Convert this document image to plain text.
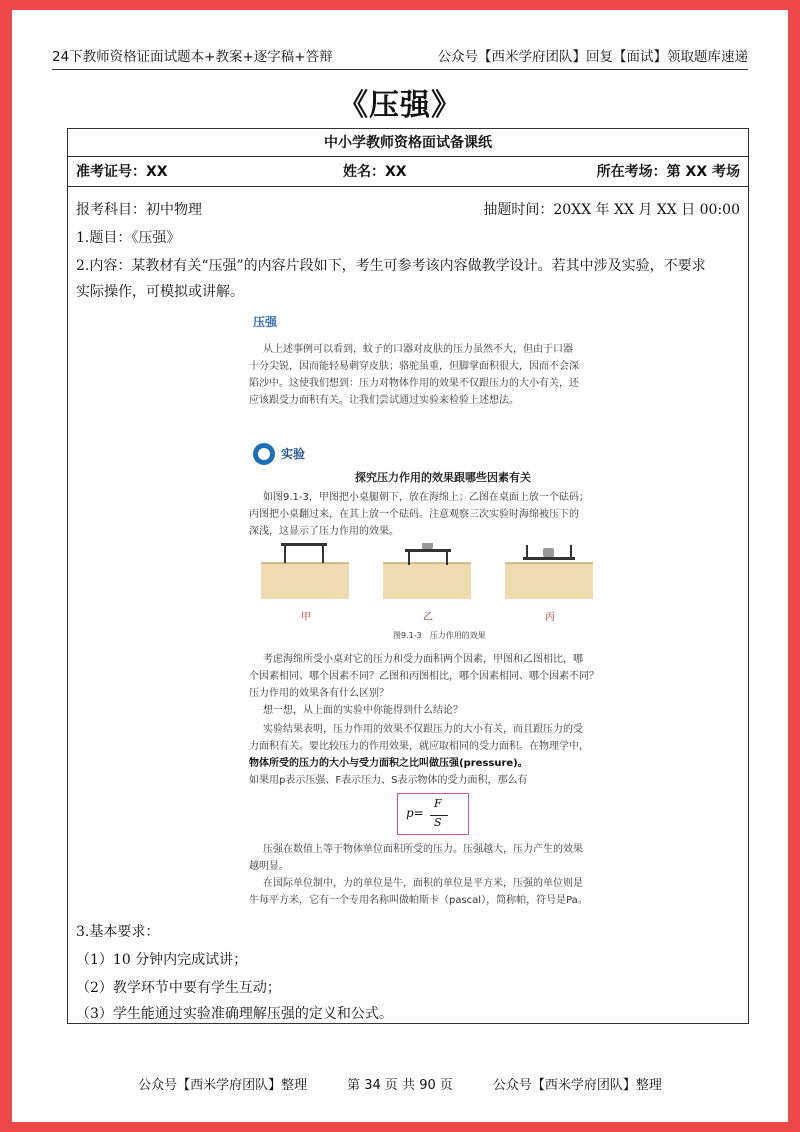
24下教师资格证面试题本+教案+逐字稿+答辩	公众号【西米学府团队】回复【面试】领取题库速递
《压强》
中小学教师资格面试备课纸
准考证号：XX	姓名：XX	所在考场：第 XX 考场
报考科目：初中物理	抽题时间：20XX 年 XX 月 XX 日 00:00
1.题目：《压强》
2.内容：某教材有关“压强”的内容片段如下，考生可参考该内容做教学设计。若其中涉及实验，不要求
实际操作，可模拟或讲解。
压强
从上述事例可以看到，蚊子的口器对皮肤的压力虽然不大，但由于口器
十分尖锐，因而能轻易刺穿皮肤；骆驼虽重，但脚掌面积很大，因而不会深
陷沙中。这使我们想到：压力对物体作用的效果不仅跟压力的大小有关，还
应该跟受力面积有关。让我们尝试通过实验来检验上述想法。
实验
探究压力作用的效果跟哪些因素有关
如图9.1-3，甲图把小桌腿朝下，放在海绵上；乙图在桌面上放一个砝码；
丙图把小桌翻过来，在其上放一个砝码。注意观察三次实验时海绵被压下的
深浅，这显示了压力作用的效果。
甲	乙	丙
图9.1-3　压力作用的效果
考虑海绵所受小桌对它的压力和受力面积两个因素，甲图和乙图相比，哪
个因素相同、哪个因素不同？乙图和丙图相比，哪个因素相同、哪个因素不同？
压力作用的效果各有什么区别？
想一想，从上面的实验中你能得到什么结论？
实验结果表明，压力作用的效果不仅跟压力的大小有关，而且跟压力的受
力面积有关。要比较压力的作用效果，就应取相同的受力面积。在物理学中，
物体所受的压力的大小与受力面积之比叫做压强(pressure)。
如果用p表示压强、F表示压力、S表示物体的受力面积，那么有
p=
F
S
压强在数值上等于物体单位面积所受的压力。压强越大，压力产生的效果
越明显。
在国际单位制中，力的单位是牛，面积的单位是平方米，压强的单位则是
牛每平方米，它有一个专用名称叫做帕斯卡（pascal），简称帕，符号是Pa。
3.基本要求：
（1）10 分钟内完成试讲；
（2）教学环节中要有学生互动；
（3）学生能通过实验准确理解压强的定义和公式。
公众号【西米学府团队】整理	第 34 页 共 90 页	公众号【西米学府团队】整理
